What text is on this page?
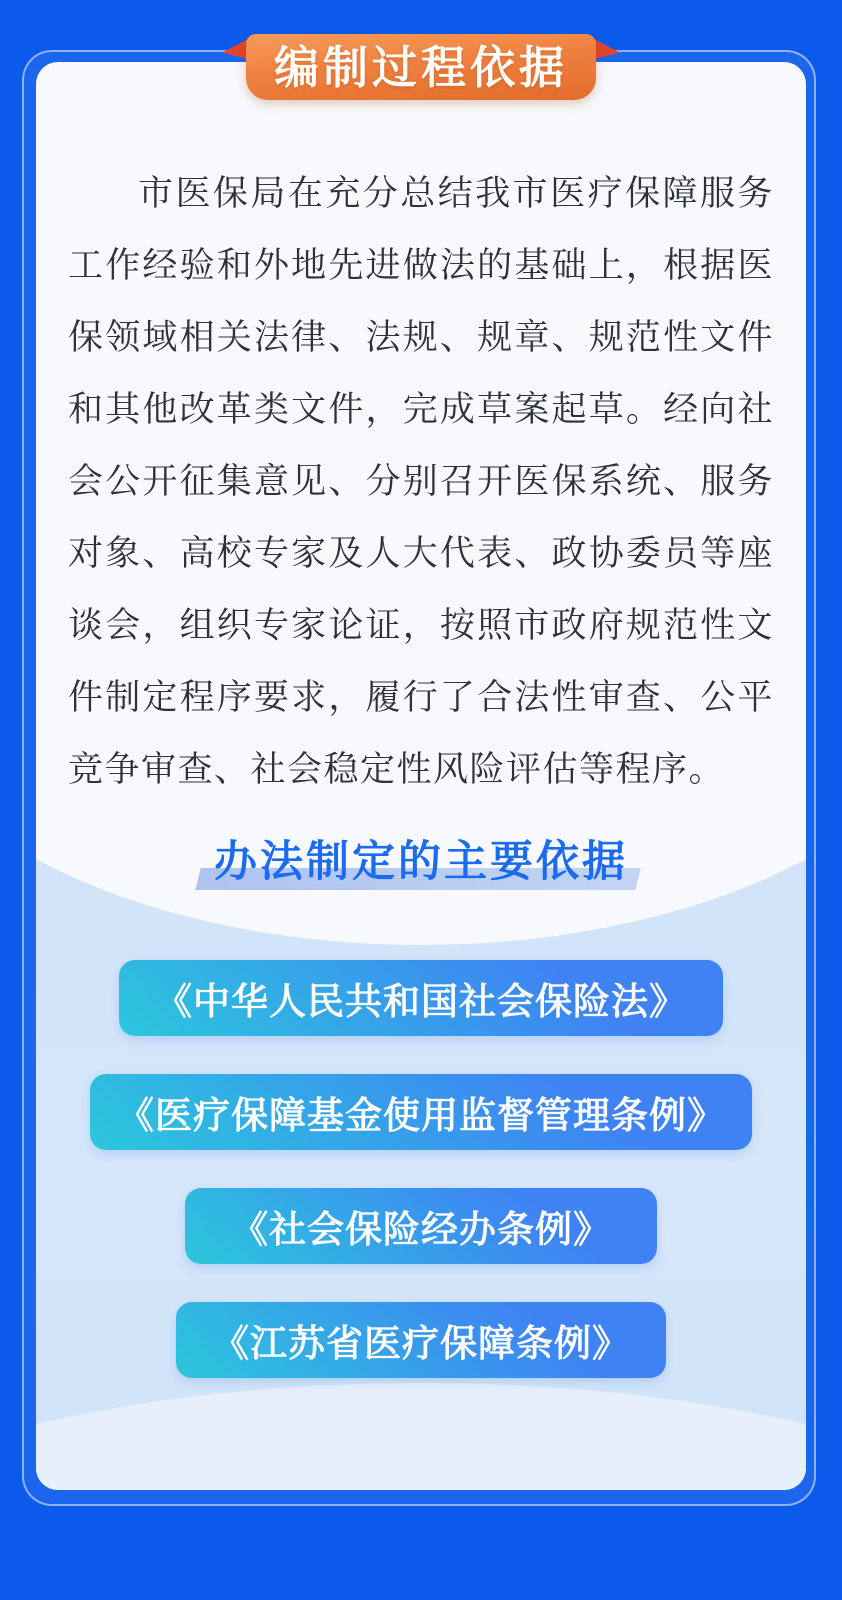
市医保局在充分总结我市医疗保障服务工作经验和外地先进做法的基础上，根据医保领域相关法律、法规、规章、规范性文件和其他改革类文件，完成草案起草。经向社会公开征集意见、分别召开医保系统、服务对象、高校专家及人大代表、政协委员等座谈会，组织专家论证，按照市政府规范性文件制定程序要求，履行了合法性审查、公平竞争审查、社会稳定性风险评估等程序。

办法制定的主要依据
《中华人民共和国社会保险法》
《医疗保障基金使用监督管理条例》
《社会保险经办条例》
《江苏省医疗保障条例》
编制过程依据
